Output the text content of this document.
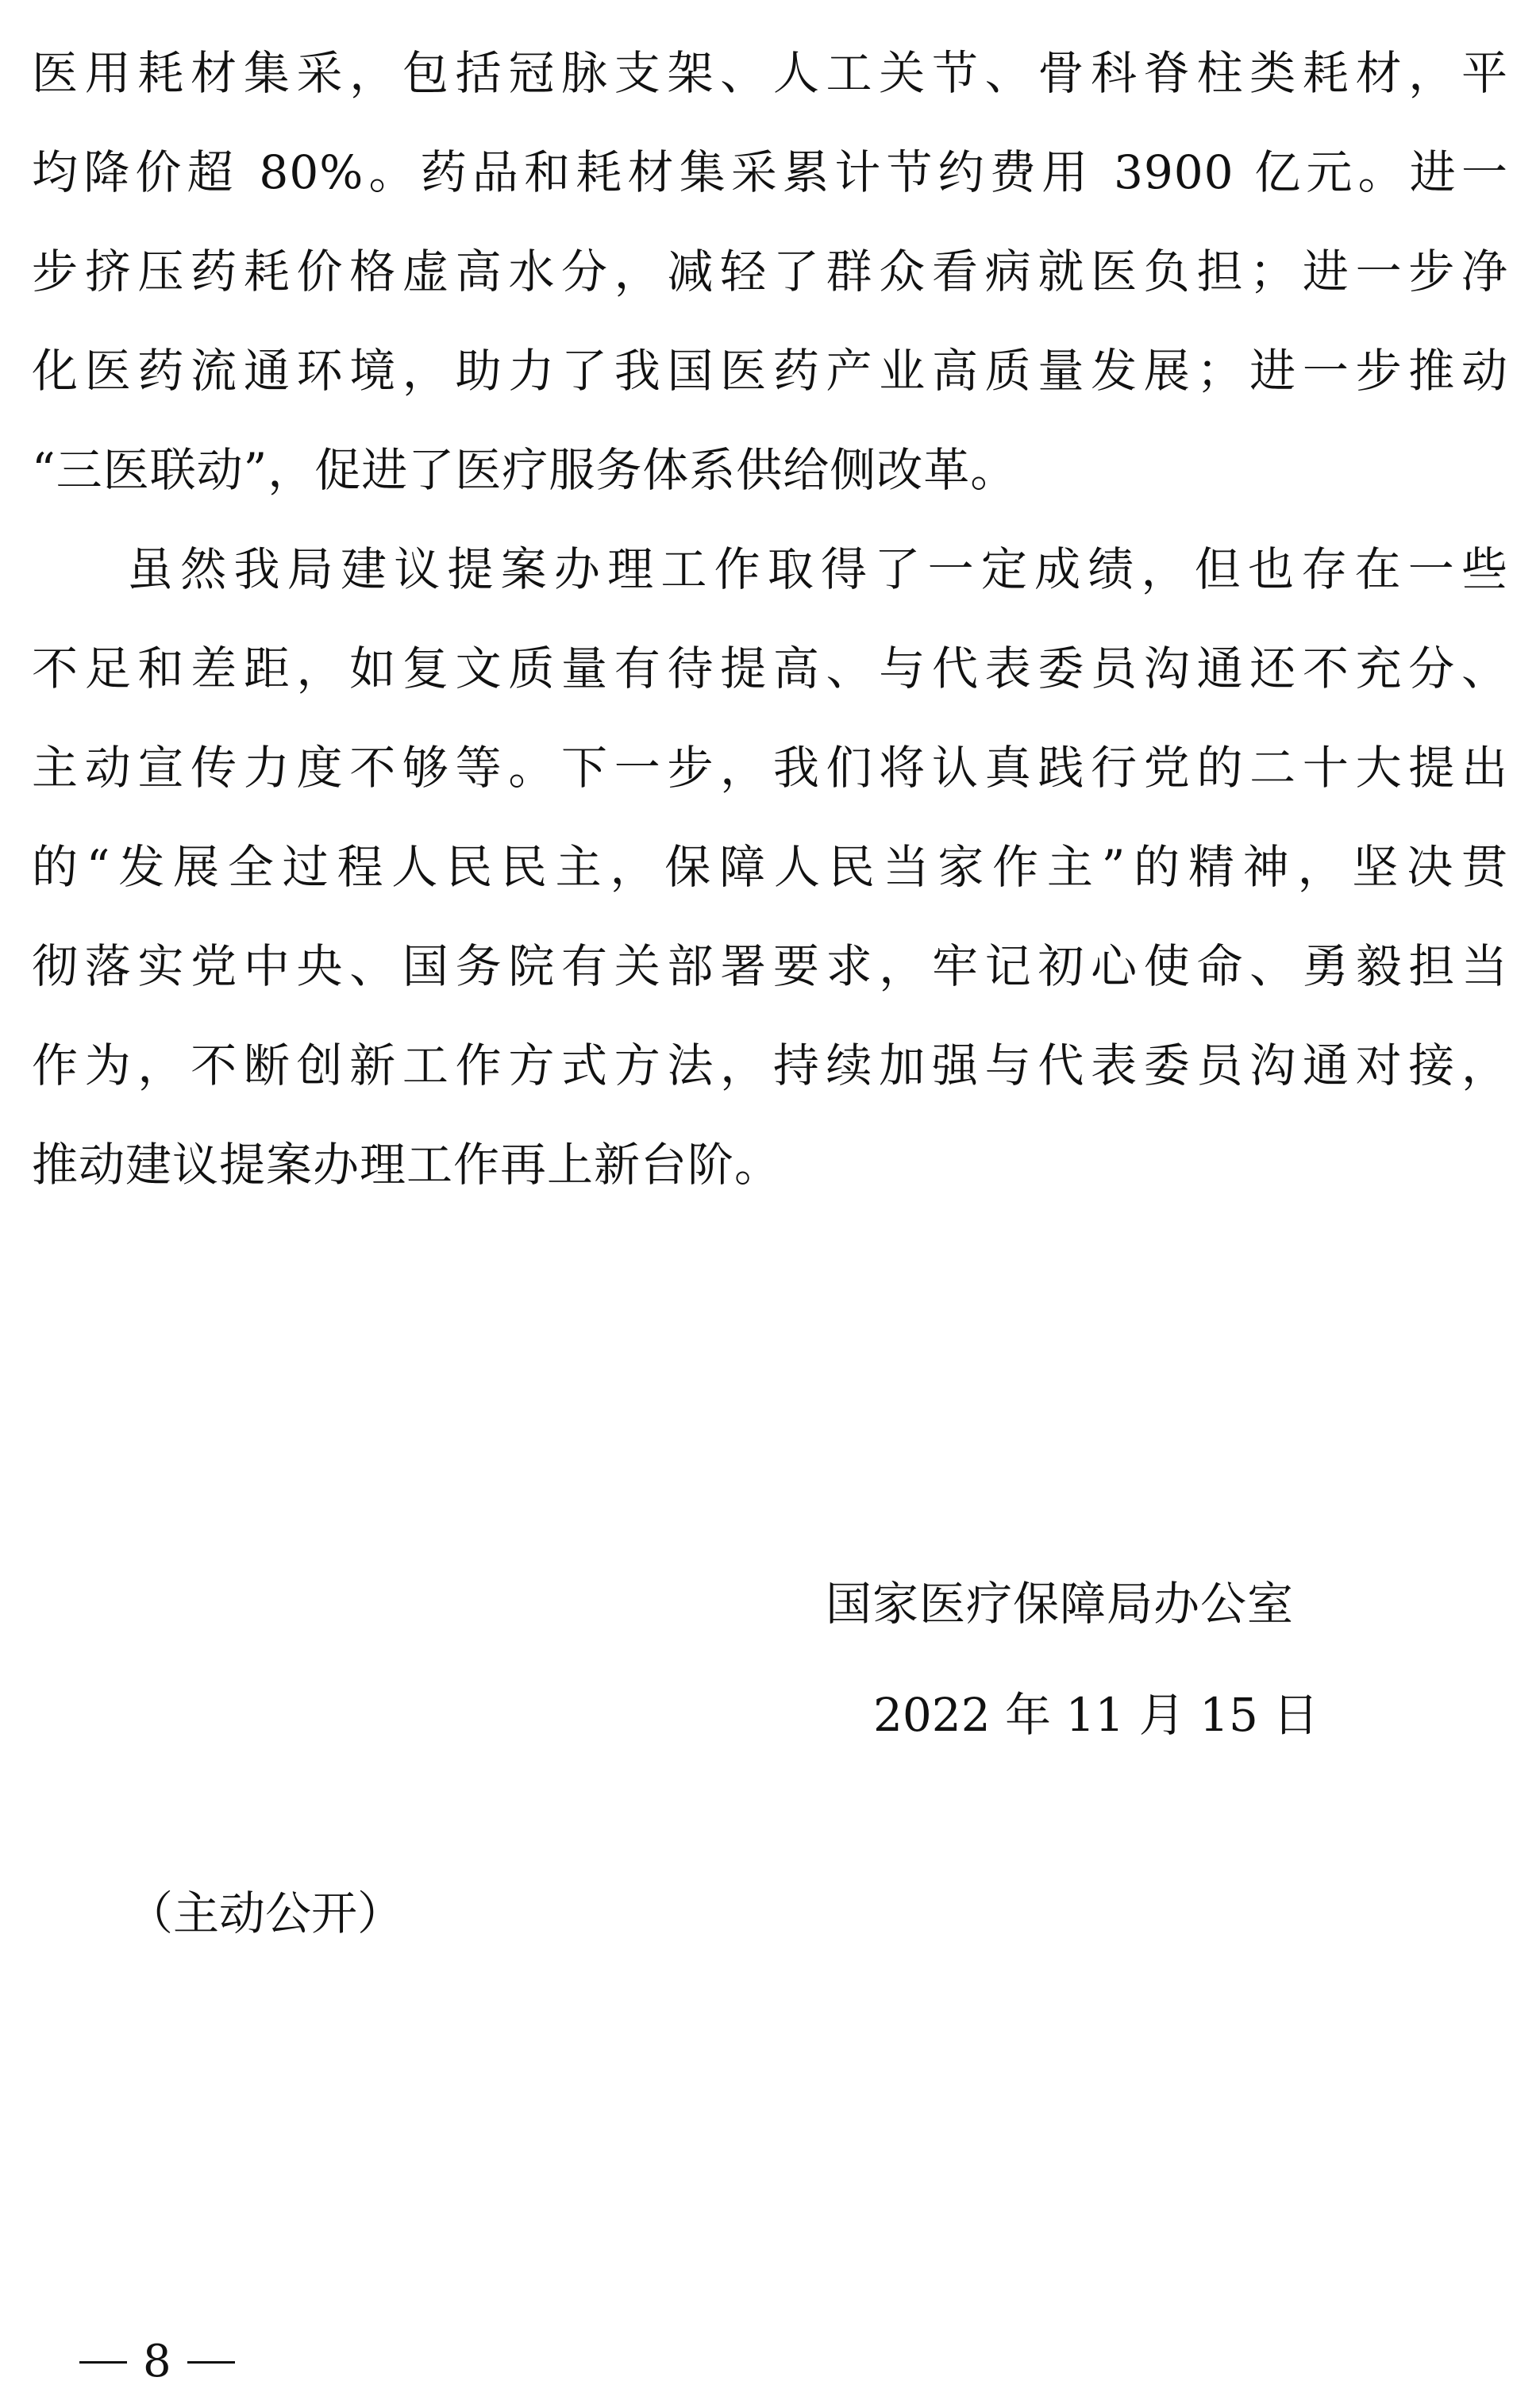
医用耗材集采，包括冠脉支架、人工关节、骨科脊柱类耗材，平
均降价超 80%。药品和耗材集采累计节约费用 3900 亿元。进一
步挤压药耗价格虚高水分，减轻了群众看病就医负担；进一步净
化医药流通环境，助力了我国医药产业高质量发展；进一步推动
“三医联动”，促进了医疗服务体系供给侧改革。
虽然我局建议提案办理工作取得了一定成绩，但也存在一些
不足和差距，如复文质量有待提高、与代表委员沟通还不充分、
主动宣传力度不够等。下一步，我们将认真践行党的二十大提出
的“发展全过程人民民主，保障人民当家作主”的精神，坚决贯
彻落实党中央、国务院有关部署要求，牢记初心使命、勇毅担当
作为，不断创新工作方式方法，持续加强与代表委员沟通对接，
推动建议提案办理工作再上新台阶。
国家医疗保障局办公室
2022 年 11 月 15 日
（主动公开）
8
